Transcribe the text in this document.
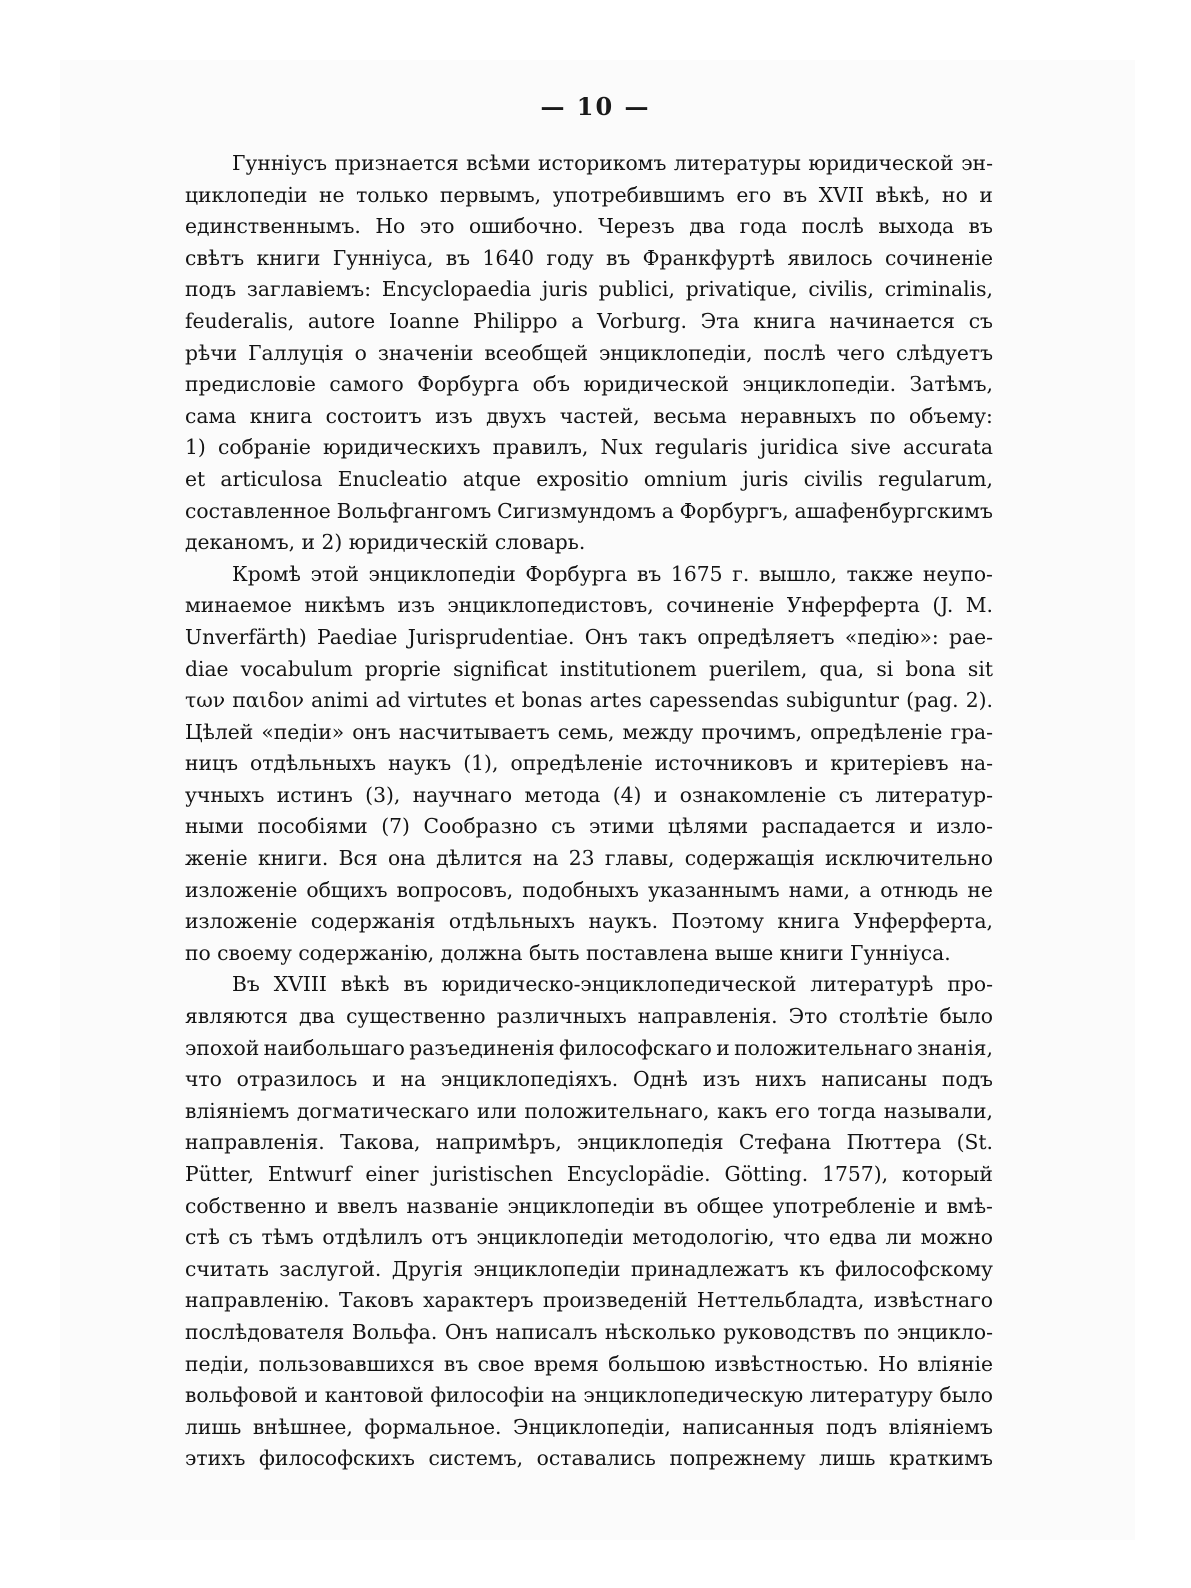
— 10 —
Гунніусъ признается всѣми историкомъ литературы юридической эн-
циклопедіи не только первымъ, употребившимъ его въ XVII вѣкѣ, но и
единственнымъ. Но это ошибочно. Черезъ два года послѣ выхода въ
свѣтъ книги Гунніуса, въ 1640 году въ Франкфуртѣ явилось сочиненіе
подъ заглавіемъ: Encyclopaedia juris publici, privatique, civilis, criminalis,
feuderalis, autore Ioanne Philippo a Vorburg. Эта книга начинается съ
рѣчи Галлуція о значеніи всеобщей энциклопедіи, послѣ чего слѣдуетъ
предисловіе самого Форбурга объ юридической энциклопедіи. Затѣмъ,
сама книга состоитъ изъ двухъ частей, весьма неравныхъ по объему:
1) собраніе юридическихъ правилъ, Nux regularis juridica sive accurata
et articulosa Enucleatio atque expositio omnium juris civilis regularum,
составленное Вольфгангомъ Сигизмундомъ а Форбургъ, ашафенбургскимъ
деканомъ, и 2) юридическій словарь.
Кромѣ этой энциклопедіи Форбурга въ 1675 г. вышло, также неупо-
минаемое никѣмъ изъ энциклопедистовъ, сочиненіе Унферферта (J. M.
Unverfärth) Paediae Jurisprudentiae. Онъ такъ опредѣляетъ «педію»: pae-
diae vocabulum proprie significat institutionem puerilem, qua, si bona sit
των παιδον animi ad virtutes et bonas artes capessendas subiguntur (pag. 2).
Цѣлей «педіи» онъ насчитываетъ семь, между прочимъ, опредѣленіе гра-
ницъ отдѣльныхъ наукъ (1), опредѣленіе источниковъ и критеріевъ на-
учныхъ истинъ (3), научнаго метода (4) и ознакомленіе съ литератур-
ными пособіями (7) Сообразно съ этими цѣлями распадается и изло-
женіе книги. Вся она дѣлится на 23 главы, содержащія исключительно
изложеніе общихъ вопросовъ, подобныхъ указаннымъ нами, а отнюдь не
изложеніе содержанія отдѣльныхъ наукъ. Поэтому книга Унферферта,
по своему содержанію, должна быть поставлена выше книги Гунніуса.
Въ XVIII вѣкѣ въ юридическо-энциклопедической литературѣ про-
являются два существенно различныхъ направленія. Это столѣтіе было
эпохой наибольшаго разъединенія философскаго и положительнаго знанія,
что отразилось и на энциклопедіяхъ. Однѣ изъ нихъ написаны подъ
вліяніемъ догматическаго или положительнаго, какъ его тогда называли,
направленія. Такова, напримѣръ, энциклопедія Стефана Пюттера (St.
Pütter, Entwurf einer juristischen Encyclopädie. Götting. 1757), который
собственно и ввелъ названіе энциклопедіи въ общее употребленіе и вмѣ-
стѣ съ тѣмъ отдѣлилъ отъ энциклопедіи методологію, что едва ли можно
считать заслугой. Другія энциклопедіи принадлежатъ къ философскому
направленію. Таковъ характеръ произведеній Неттельбладта, извѣстнаго
послѣдователя Вольфа. Онъ написалъ нѣсколько руководствъ по энцикло-
педіи, пользовавшихся въ свое время большою извѣстностью. Но вліяніе
вольфовой и кантовой философіи на энциклопедическую литературу было
лишь внѣшнее, формальное. Энциклопедіи, написанныя подъ вліяніемъ
этихъ философскихъ системъ, оставались попрежнему лишь краткимъ
